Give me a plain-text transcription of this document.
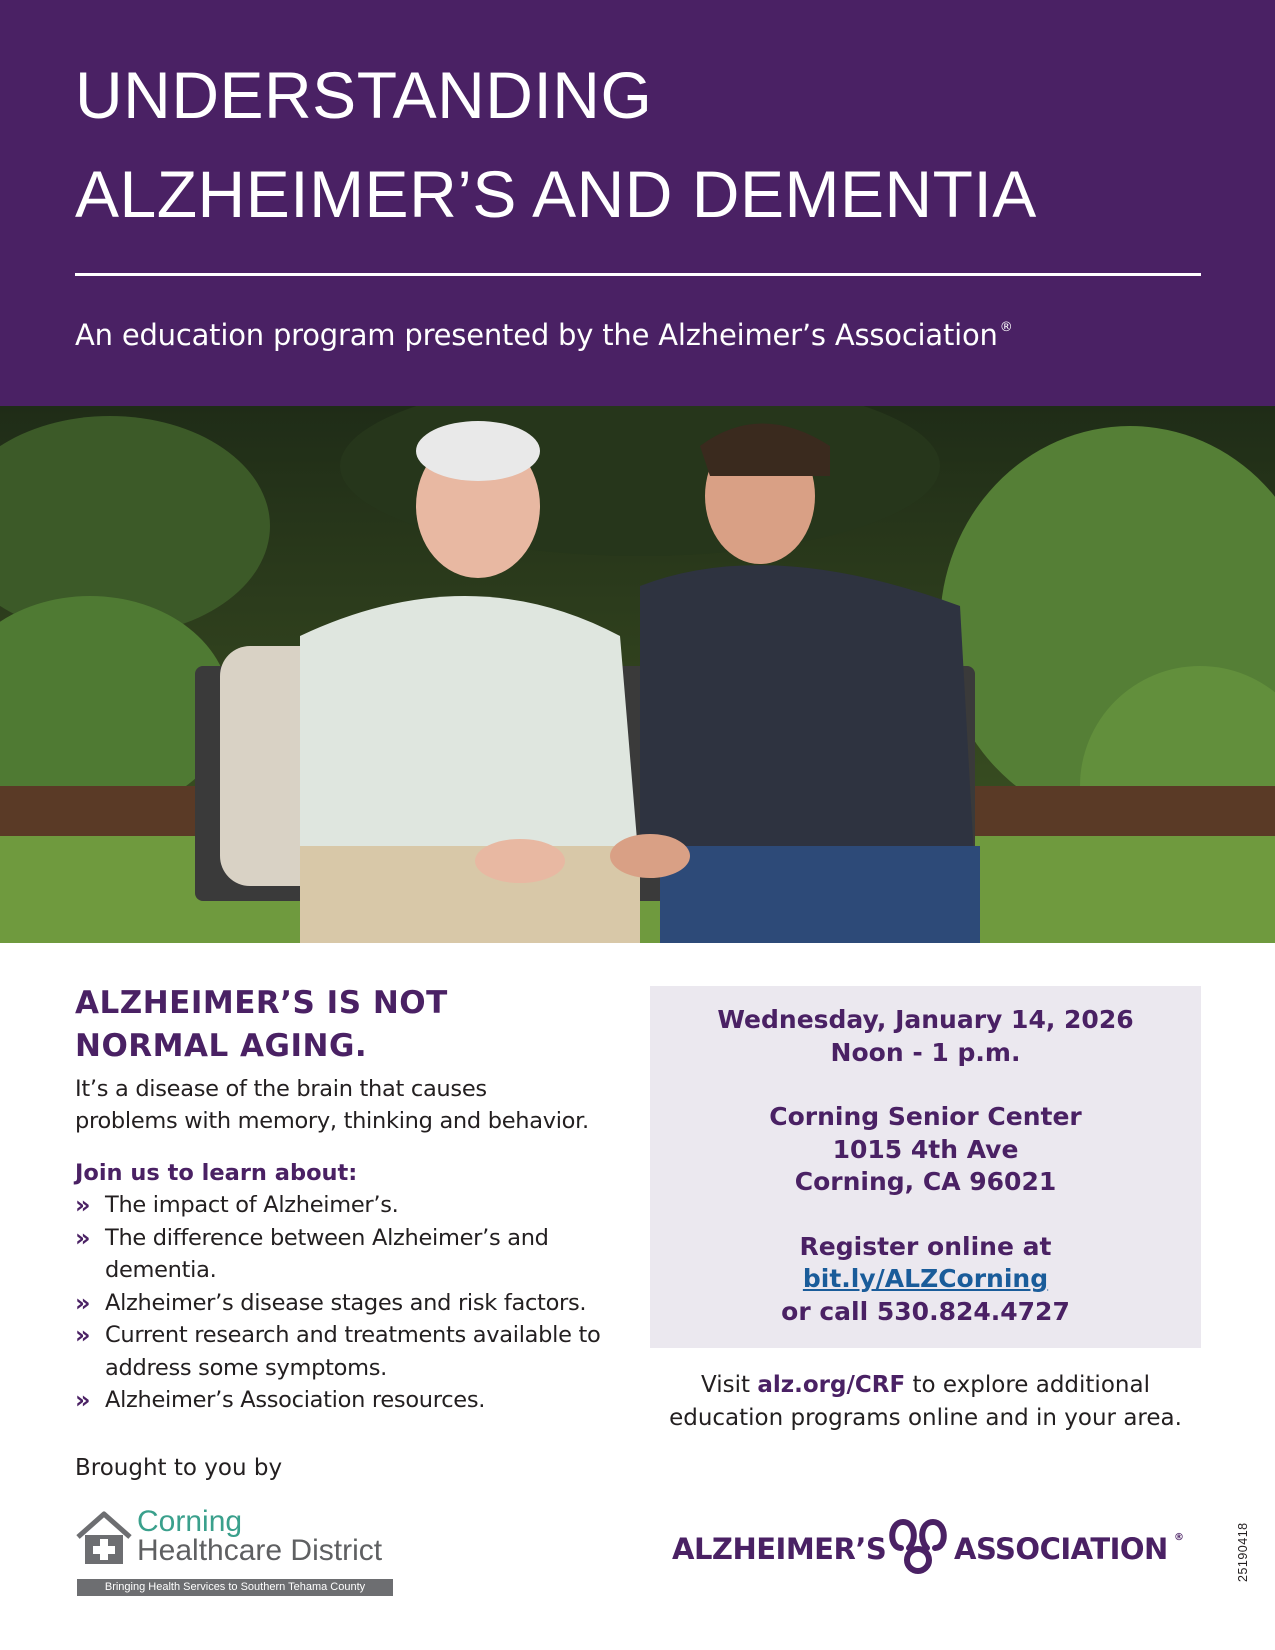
UNDERSTANDING
ALZHEIMER’S AND DEMENTIA
An education program presented by the Alzheimer’s Association ®
ALZHEIMER’S IS NOT
NORMAL AGING.
It’s a disease of the brain that causes
problems with memory, thinking and behavior.
Join us to learn about:
» The impact of Alzheimer’s.
» The difference between Alzheimer’s and dementia.
» Alzheimer’s disease stages and risk factors.
» Current research and treatments available to address some symptoms.
» Alzheimer’s Association resources.
Brought to you by
Corning
Healthcare District
Bringing Health Services to Southern Tehama County
Wednesday, January 14, 2026
Noon - 1 p.m.
Corning Senior Center
1015 4th Ave
Corning, CA 96021
Register online at
bit.ly/ALZCorning
or call 530.824.4727
Visit alz.org/CRF to explore additional
education programs online and in your area.
ALZHEIMER’S ASSOCIATION ®	25190418
